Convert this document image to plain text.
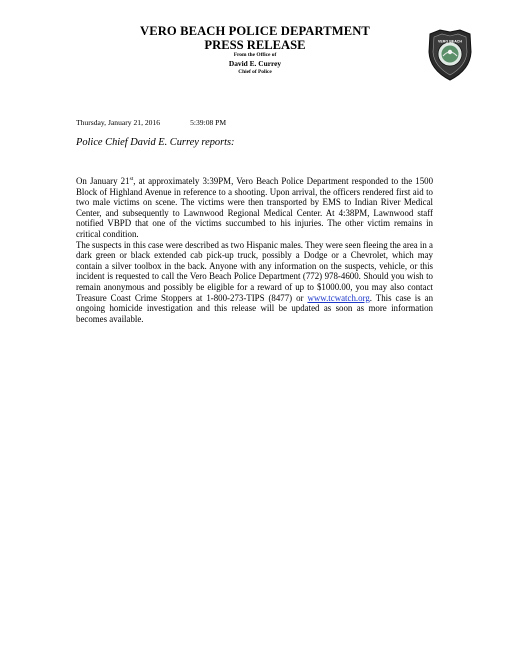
VERO BEACH POLICE DEPARTMENT
PRESS RELEASE
From the Office of
David E. Currey
Chief of Police
VERO BEACH
Thursday, January 21, 2016	5:39:08 PM
Police Chief David E. Currey reports:

On January 21st, at approximately 3:39PM, Vero Beach Police Department responded to the 1500 Block of Highland Avenue in reference to a shooting. Upon arrival, the officers rendered first aid to two male victims on scene. The victims were then transported by EMS to Indian River Medical Center, and subsequently to Lawnwood Regional Medical Center. At 4:38PM, Lawnwood staff notified VBPD that one of the victims succumbed to his injuries. The other victim remains in critical condition.

The suspects in this case were described as two Hispanic males. They were seen fleeing the area in a dark green or black extended cab pick-up truck, possibly a Dodge or a Chevrolet, which may contain a silver toolbox in the back. Anyone with any information on the suspects, vehicle, or this incident is requested to call the Vero Beach Police Department (772) 978-4600. Should you wish to remain anonymous and possibly be eligible for a reward of up to $1000.00, you may also contact Treasure Coast Crime Stoppers at 1-800-273-TIPS (8477) or www.tcwatch.org. This case is an ongoing homicide investigation and this release will be updated as soon as more information becomes available.
